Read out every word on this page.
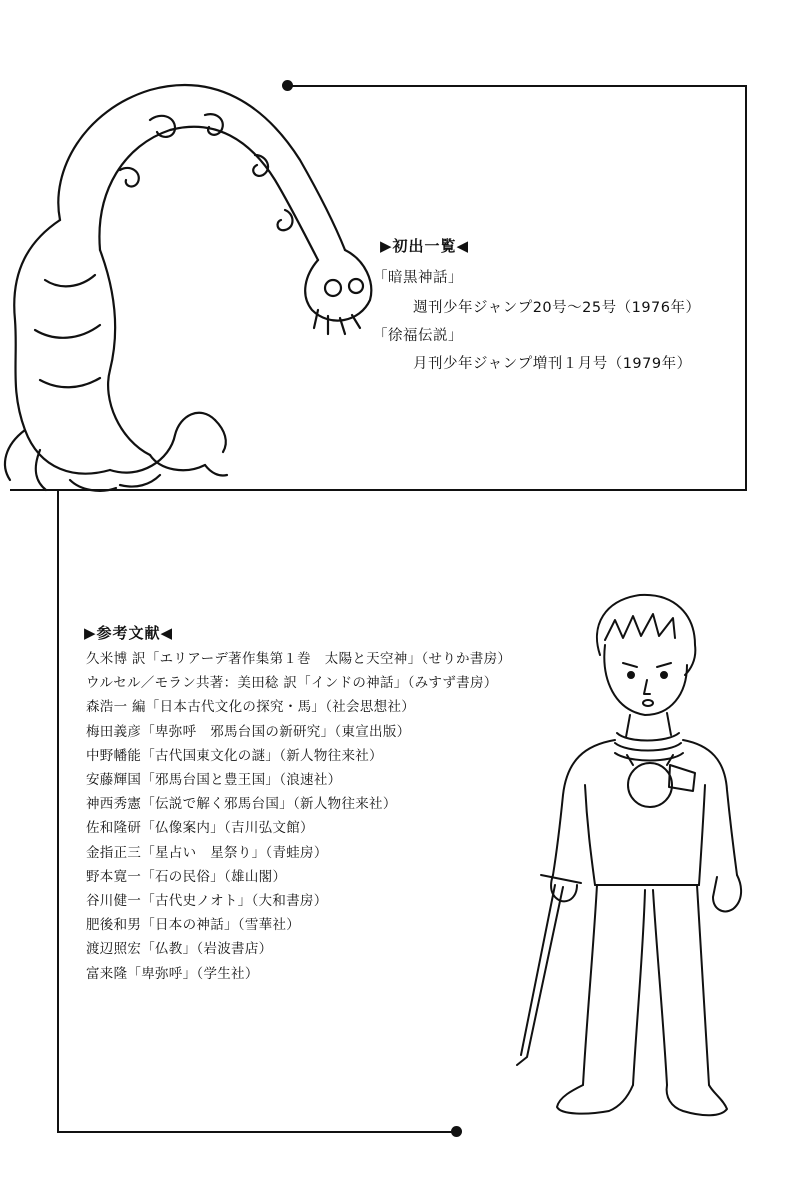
▶初出一覧◀
「暗黒神話」
週刊少年ジャンプ20号～25号（1976年）
「徐福伝説」
月刊少年ジャンプ増刊１月号（1979年）
▶参考文献◀
久米博 訳「エリアーデ著作集第１巻　太陽と天空神」（せりか書房）
ウルセル／モラン共著：美田稔 訳「インドの神話」（みすず書房）
森浩一 編「日本古代文化の探究・馬」（社会思想社）
梅田義彦「卑弥呼　邪馬台国の新研究」（東宣出版）
中野幡能「古代国東文化の謎」（新人物往来社）
安藤輝国「邪馬台国と豊王国」（浪速社）
神西秀憲「伝説で解く邪馬台国」（新人物往来社）
佐和隆研「仏像案内」（吉川弘文館）
金指正三「星占い　星祭り」（青蛙房）
野本寛一「石の民俗」（雄山閣）
谷川健一「古代史ノオト」（大和書房）
肥後和男「日本の神話」（雪華社）
渡辺照宏「仏教」（岩波書店）
富来隆「卑弥呼」（学生社）
